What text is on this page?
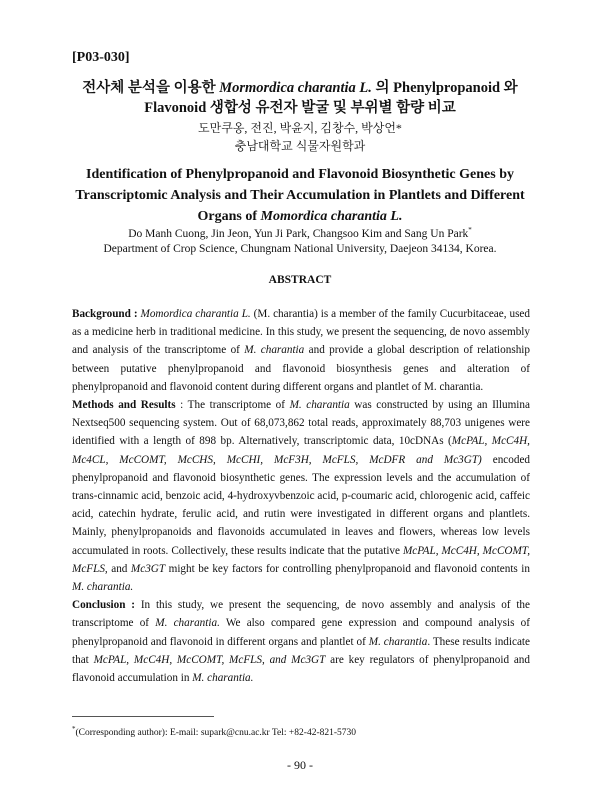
[P03-030]
전사체 분석을 이용한 Mormordica charantia L. 의 Phenylpropanoid 와
Flavonoid 생합성 유전자 발굴 및 부위별 함량 비교
도만쿠옹, 전진, 박윤지, 김창수, 박상언*
충남대학교 식물자원학과
Identification of Phenylpropanoid and Flavonoid Biosynthetic Genes by
Transcriptomic Analysis and Their Accumulation in Plantlets and Different
Organs of Momordica charantia L.
Do Manh Cuong, Jin Jeon, Yun Ji Park, Changsoo Kim and Sang Un Park*
Department of Crop Science, Chungnam National University, Daejeon 34134, Korea.
ABSTRACT

Background : Momordica charantia L. (M. charantia) is a member of the family Cucurbitaceae, used as a medicine herb in traditional medicine. In this study, we present the sequencing, de novo assembly and analysis of the transcriptome of M. charantia and provide a global description of relationship between putative phenylpropanoid and flavonoid biosynthesis genes and alteration of phenylpropanoid and flavonoid content during different organs and plantlet of M. charantia.

Methods and Results : The transcriptome of M. charantia was constructed by using an Illumina Nextseq500 sequencing system. Out of 68,073,862 total reads, approximately 88,703 unigenes were identified with a length of 898 bp. Alternatively, transcriptomic data, 10cDNAs (McPAL, McC4H, Mc4CL, McCOMT, McCHS, McCHI, McF3H, McFLS, McDFR and Mc3GT) encoded phenylpropanoid and flavonoid biosynthetic genes. The expression levels and the accumulation of trans-cinnamic acid, benzoic acid, 4-hydroxyvbenzoic acid, p-coumaric acid, chlorogenic acid, caffeic acid, catechin hydrate, ferulic acid, and rutin were investigated in different organs and plantlets. Mainly, phenylpropanoids and flavonoids accumulated in leaves and flowers, whereas low levels accumulated in roots. Collectively, these results indicate that the putative McPAL, McC4H, McCOMT, McFLS, and Mc3GT might be key factors for controlling phenylpropanoid and flavonoid contents in M. charantia.

Conclusion : In this study, we present the sequencing, de novo assembly and analysis of the transcriptome of M. charantia. We also compared gene expression and compound analysis of phenylpropanoid and flavonoid in different organs and plantlet of M. charantia. These results indicate that McPAL, McC4H, McCOMT, McFLS, and Mc3GT are key regulators of phenylpropanoid and flavonoid accumulation in M. charantia.

*(Corresponding author): E-mail: supark@cnu.ac.kr Tel: +82-42-821-5730
- 90 -
